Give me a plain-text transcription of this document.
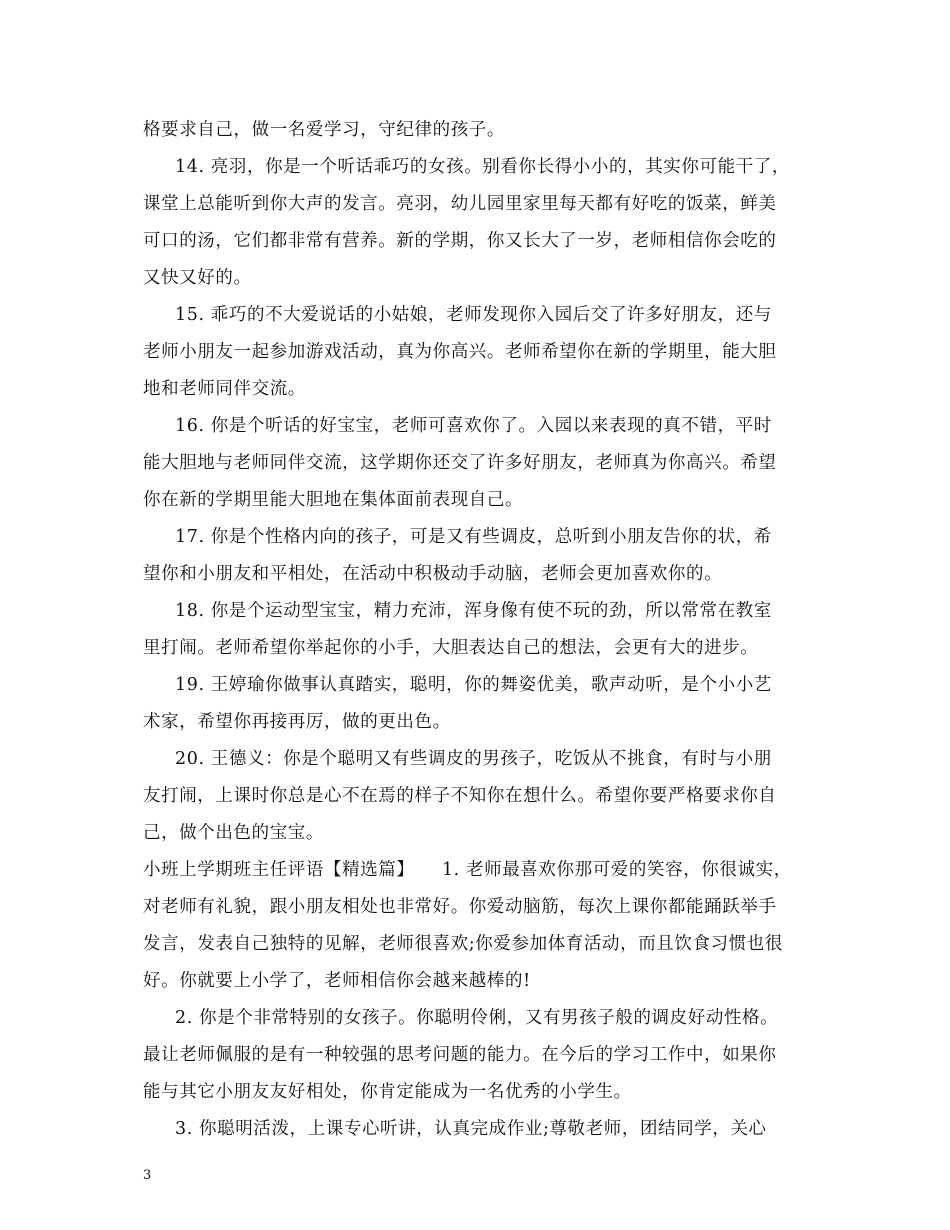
格要求自己，做一名爱学习，守纪律的孩子。
14. 亮羽，你是一个听话乖巧的女孩。别看你长得小小的，其实你可能干了，
课堂上总能听到你大声的发言。亮羽，幼儿园里家里每天都有好吃的饭菜，鲜美
可口的汤，它们都非常有营养。新的学期，你又长大了一岁，老师相信你会吃的
又快又好的。
15. 乖巧的不大爱说话的小姑娘，老师发现你入园后交了许多好朋友，还与
老师小朋友一起参加游戏活动，真为你高兴。老师希望你在新的学期里，能大胆
地和老师同伴交流。
16. 你是个听话的好宝宝，老师可喜欢你了。入园以来表现的真不错，平时
能大胆地与老师同伴交流，这学期你还交了许多好朋友，老师真为你高兴。希望
你在新的学期里能大胆地在集体面前表现自己。
17. 你是个性格内向的孩子，可是又有些调皮，总听到小朋友告你的状，希
望你和小朋友和平相处，在活动中积极动手动脑，老师会更加喜欢你的。
18. 你是个运动型宝宝，精力充沛，浑身像有使不玩的劲，所以常常在教室
里打闹。老师希望你举起你的小手，大胆表达自己的想法，会更有大的进步。
19. 王婷瑜你做事认真踏实，聪明，你的舞姿优美，歌声动听，是个小小艺
术家，希望你再接再厉，做的更出色。
20. 王德义：你是个聪明又有些调皮的男孩子，吃饭从不挑食，有时与小朋
友打闹，上课时你总是心不在焉的样子不知你在想什么。希望你要严格要求你自
己，做个出色的宝宝。
小班上学期班主任评语【精选篇】　　1. 老师最喜欢你那可爱的笑容，你很诚实，
对老师有礼貌，跟小朋友相处也非常好。你爱动脑筋，每次上课你都能踊跃举手
发言，发表自己独特的见解，老师很喜欢;你爱参加体育活动，而且饮食习惯也很
好。你就要上小学了，老师相信你会越来越棒的!
2. 你是个非常特别的女孩子。你聪明伶俐，又有男孩子般的调皮好动性格。
最让老师佩服的是有一种较强的思考问题的能力。在今后的学习工作中，如果你
能与其它小朋友友好相处，你肯定能成为一名优秀的小学生。
3. 你聪明活泼，上课专心听讲，认真完成作业;尊敬老师，团结同学，关心
3
